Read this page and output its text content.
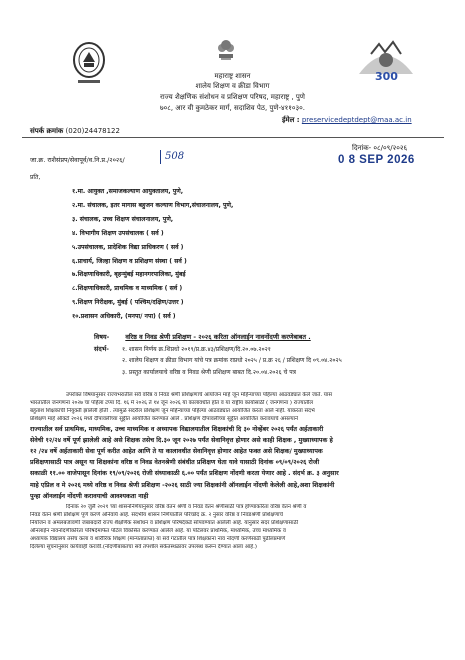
300
महाराष्ट्र शासन
शालेय शिक्षण व क्रीडा विभाग
राज्य शैक्षणिक संशोधन व प्रशिक्षण परिषद, महाराष्ट्र , पुणे
७०८, आर वी कुमठेकर मार्ग, सदाशिव पेठ, पुणे-४११०३०.
ईमेल : preservicedeptdept@maa.ac.in
संपर्क क्रमांक (020)24478122
जा.क्र. राशैसंप्रप/सेवापूर्व/व.नि.प्र./२०२६/	508
दिनांक- ०८/०९/२०२६
0 8 SEP 2026
प्रति,
१.मा. आयुक्त ,समाजकल्याण आयुक्तालय, पुणे,
२.मा. संचालक, इतर मागास बहुजन कल्याण विभाग,संचालनालय, पुणे,
३. संचालक, उच्च शिक्षण संचालनालय, पुणे,
४. विभागीय शिक्षण उपसंचालक ( सर्व )
५.उपसंचालक, प्रादेशिक विद्या प्राधिकरण ( सर्व )
६.प्राचार्य, जिल्हा शिक्षण व प्रशिक्षण संस्था ( सर्व )
७.शिक्षणाधिकारी, बृहन्मुंबई महानगरपालिका, मुंबई
८.शिक्षणाधिकारी, प्राथमिक व माध्यमिक ( सर्व )
९.शिक्षण निरीक्षक, मुंबई ( पश्चिम/दक्षिण/उत्तर )
१०.प्रशासन अधिकारी, (मनपा/ नपा) ( सर्व )
विषय-	वरिष्ठ व निवड श्रेणी प्रशिक्षण - २०२६ करिता ऑनलाईन नावनोंदणी करणेबाबत .
संदर्भ- १. शासन निर्णय क्र.शिप्रधो २०१९/प्र.क्र.४३/प्रशिक्षण/दि.२०.०७.२०२१
२. शालेय शिक्षण व क्रीडा विभाग यांचे पत्र क्रमांक राप्रधो २०२५ / प्र.क्र २६ / प्रशिक्षण दि ०९.०४.२०२५
३. प्रस्तुत कार्यालयाचे वरिष्ठ व निवड श्रेणी प्रशिक्षण बाबत दि.२०.०४.२०२६ चे पत्र
उपरोक्त विषयानुसार राज्यभरातील सर्व वरिष्ठ व निवड श्रेणी प्रशिक्षणाचे आयोजन माहे जून महिन्याच्या पहिल्या आठवड्यात केले जाते. यास
भारतातील जनगणना २०२७ चा पहिला टप्पा दि. १६ मे २०२६ ते १४ जून २०२६ या कालावधीत होत व या राष्ट्रीय कार्यासाठी ( जनगणना ) राज्यातील
बहुतांश शिक्षकांची नियुक्ती झालेली होती . त्यामुळे सदरील प्रशिक्षण जून महिन्याच्या पहिल्या आठवड्यात आयोजित करता आले नाही. याकरता संदर्भ
प्रशिक्षण माहे ऑक्टो २०२६ मध्ये दीपावलीच्या सुट्टीत आयोजित करण्यात आले . प्रशिक्षण दीपावलीच्या सुट्टीत आयोजित करावयाचे असल्याने
राज्यातील सर्व प्राथमिक, माध्यमिक, उच्च माध्यमिक व अध्यापक विद्यालयातील शिक्षकांची दि ३० नोव्हेंबर २०२६ पर्यंत अर्हताकारी
सेवेची १२/२४ वर्षे पूर्ण झालेली आहे असे शिक्षक तसेच दि.३० जून २०२७ पर्यंत सेवानिवृत्त होणार असे काही शिक्षक , मुख्याध्यापक हे
१२ /२४ वर्षे अर्हताकारी सेवा पूर्ण करीत आहेत आणि ते या कालावधीत सेवानिवृत्त होणार आहेत फक्त असे शिक्षक/ मुख्याध्यापक
प्रशिक्षणासाठी पात्र असून या शिक्षकांना वरिष्ठ व निवड वेतनश्रेणी संबंधीत प्रशिक्षण घेता यावे यासाठी दिनांक ०९/०९/२०२६ रोजी
सकाळी ११.०० वाजेपासून दिनांक १९/०९/२०२६ रोजी संध्याकाळी ६.०० पर्यंत प्रशिक्षण नोंदणी करता येणार आहे . संदर्भ क्र. ३ अनुसार
माहे एप्रिल व मे २०२६ मध्ये वरिष्ठ व निवड श्रेणी प्रशिक्षण -२०२६ साठी ज्या शिक्षकांनी ऑनलाईन नोंदणी केलेली आहे,अशा शिक्षकांनी
पुन्हा ऑनलाईन नोंदणी करावयाची आवश्यकता नाही
दिनांक २० जुलै २०२१ च्या शासननिर्णयानुसार वरिष्ठ वेतन श्रेणी व निवड वेतन श्रेणीसाठी पात्र होण्याकरिता वरिष्ठ वेतन श्रेणी व
निवड वेतन श्रेणी प्रशिक्षण पूर्ण करणे अनिवार्य आहे. संदर्भीय शासन निर्णयातील परिच्छेद क्र. २ नुसार वरिष्ठ व निवडश्रेणी प्रशिक्षणाचे
नियोजन व अंमलबजावणी जबाबदारी राज्य शैक्षणिक संशोधन व प्रशिक्षण परिषदेकडे सोपवण्यात आलेली आहे. यानुसार सदर प्रशिक्षणासाठी
ऑनलाईन नावनोंदणीकरिता परिषदेमार्फत पोर्टल विकसित करण्यात आलेले आहे. या पोर्टलवर प्राथमिक, माध्यमिक, उच्च माध्यमिक व
अध्यापक विद्यालय तसेच कला व शारीरिक शिक्षण (मान्यताप्राप्त) या सर्व गटातील पात्र शिक्षकांना नाव नोंदणी करणेसाठी पुढीलप्रमाणे
दिलेल्या सूचनांनुसार कार्यवाही करावी.(नोंदणीबाबतचा सर्व तपशील सकेतस्थळावर उपलब्ध करून देण्यात आला आहे.)
